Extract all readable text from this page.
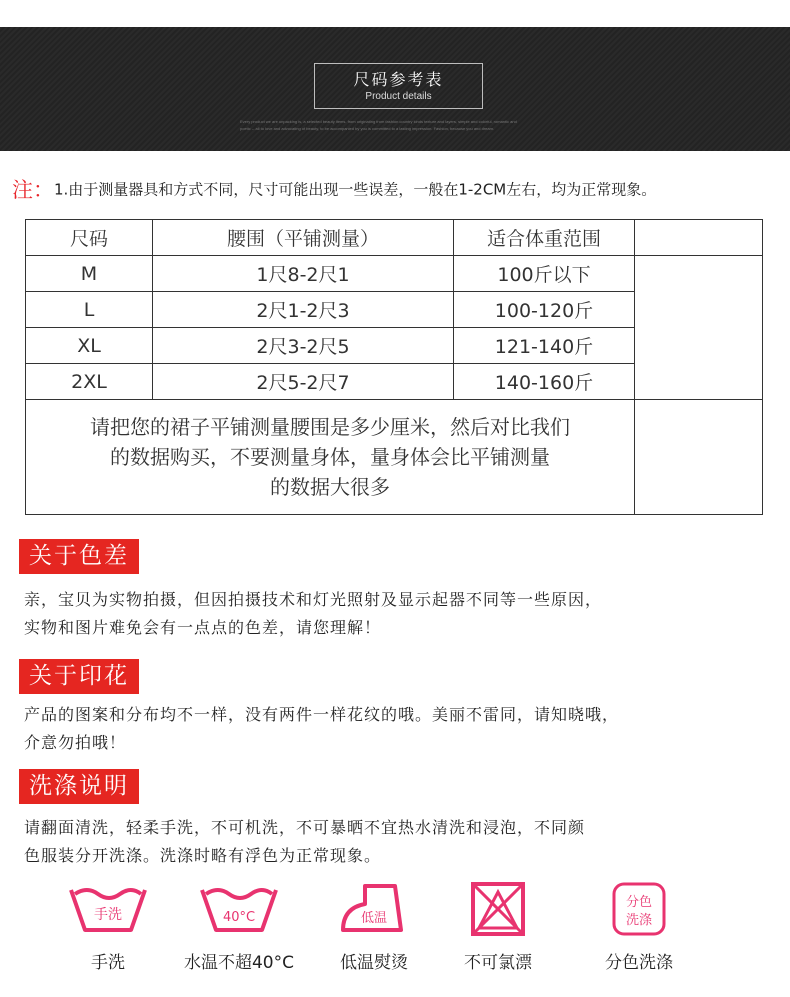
尺码参考表
Product details
Every product we are unpacking is, a selected beauty items. from originating from fashion country kinds texture and layers, simple and colorful, romantic and
poetic -- all to love and advocating of beauty, to be accompanied by you is committed to a lasting impression. Fashion, because you and dream.
注：1.由于测量器具和方式不同，尺寸可能出现一些误差，一般在1-2CM左右，均为正常现象。
尺码	腰围（平铺测量）	适合体重范围	
M	1尺8-2尺1	100斤以下	
L	2尺1-2尺3	100-120斤	
XL	2尺3-2尺5	121-140斤	
2XL	2尺5-2尺7	140-160斤	

请把您的裙子平铺测量腰围是多少厘米，然后对比我们
的数据购买，不要测量身体，量身体会比平铺测量
的数据大很多			

关于色差
亲，宝贝为实物拍摄，但因拍摄技术和灯光照射及显示起器不同等一些原因，
实物和图片难免会有一点点的色差，请您理解！
关于印花
产品的图案和分布均不一样，没有两件一样花纹的哦。美丽不雷同，请知晓哦，
介意勿拍哦！
洗涤说明
请翻面清洗，轻柔手洗，不可机洗，不可暴晒不宜热水清洗和浸泡，不同颜
色服装分开洗涤。洗涤时略有浮色为正常现象。
手洗
手洗
40°C
水温不超40°C
低温
低温熨烫	不可氯漂
分色
洗涤
分色洗涤
